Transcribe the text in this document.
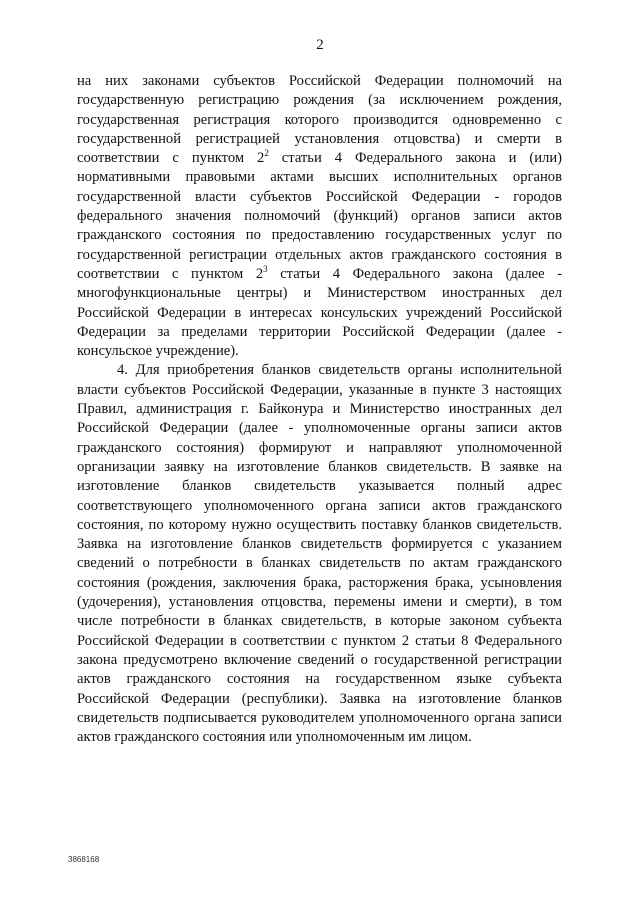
2

на них законами субъектов Российской Федерации полномочий на государственную регистрацию рождения (за исключением рождения, государственная регистрация которого производится одновременно с государственной регистрацией установления отцовства) и смерти в соответствии с пунктом $2^2$ статьи 4 Федерального закона и (или) нормативными правовыми актами высших исполнительных органов государственной власти субъектов Российской Федерации - городов федерального значения полномочий (функций) органов записи актов гражданского состояния по предоставлению государственных услуг по государственной регистрации отдельных актов гражданского состояния в соответствии с пунктом $2^3$ статьи 4 Федерального закона (далее - многофункциональные центры) и Министерством иностранных дел Российской Федерации в интересах консульских учреждений Российской Федерации за пределами территории Российской Федерации (далее - консульское учреждение).

4. Для приобретения бланков свидетельств органы исполнительной власти субъектов Российской Федерации, указанные в пункте 3 настоящих Правил, администрация г. Байконура и Министерство иностранных дел Российской Федерации (далее - уполномоченные органы записи актов гражданского состояния) формируют и направляют уполномоченной организации заявку на изготовление бланков свидетельств. В заявке на изготовление бланков свидетельств указывается полный адрес соответствующего уполномоченного органа записи актов гражданского состояния, по которому нужно осуществить поставку бланков свидетельств. Заявка на изготовление бланков свидетельств формируется с указанием сведений о потребности в бланках свидетельств по актам гражданского состояния (рождения, заключения брака, расторжения брака, усыновления (удочерения), установления отцовства, перемены имени и смерти), в том числе потребности в бланках свидетельств, в которые законом субъекта Российской Федерации в соответствии с пунктом 2 статьи 8 Федерального закона предусмотрено включение сведений о государственной регистрации актов гражданского состояния на государственном языке субъекта Российской Федерации (республики). Заявка на изготовление бланков свидетельств подписывается руководителем уполномоченного органа записи актов гражданского состояния или уполномоченным им лицом.

3868168
